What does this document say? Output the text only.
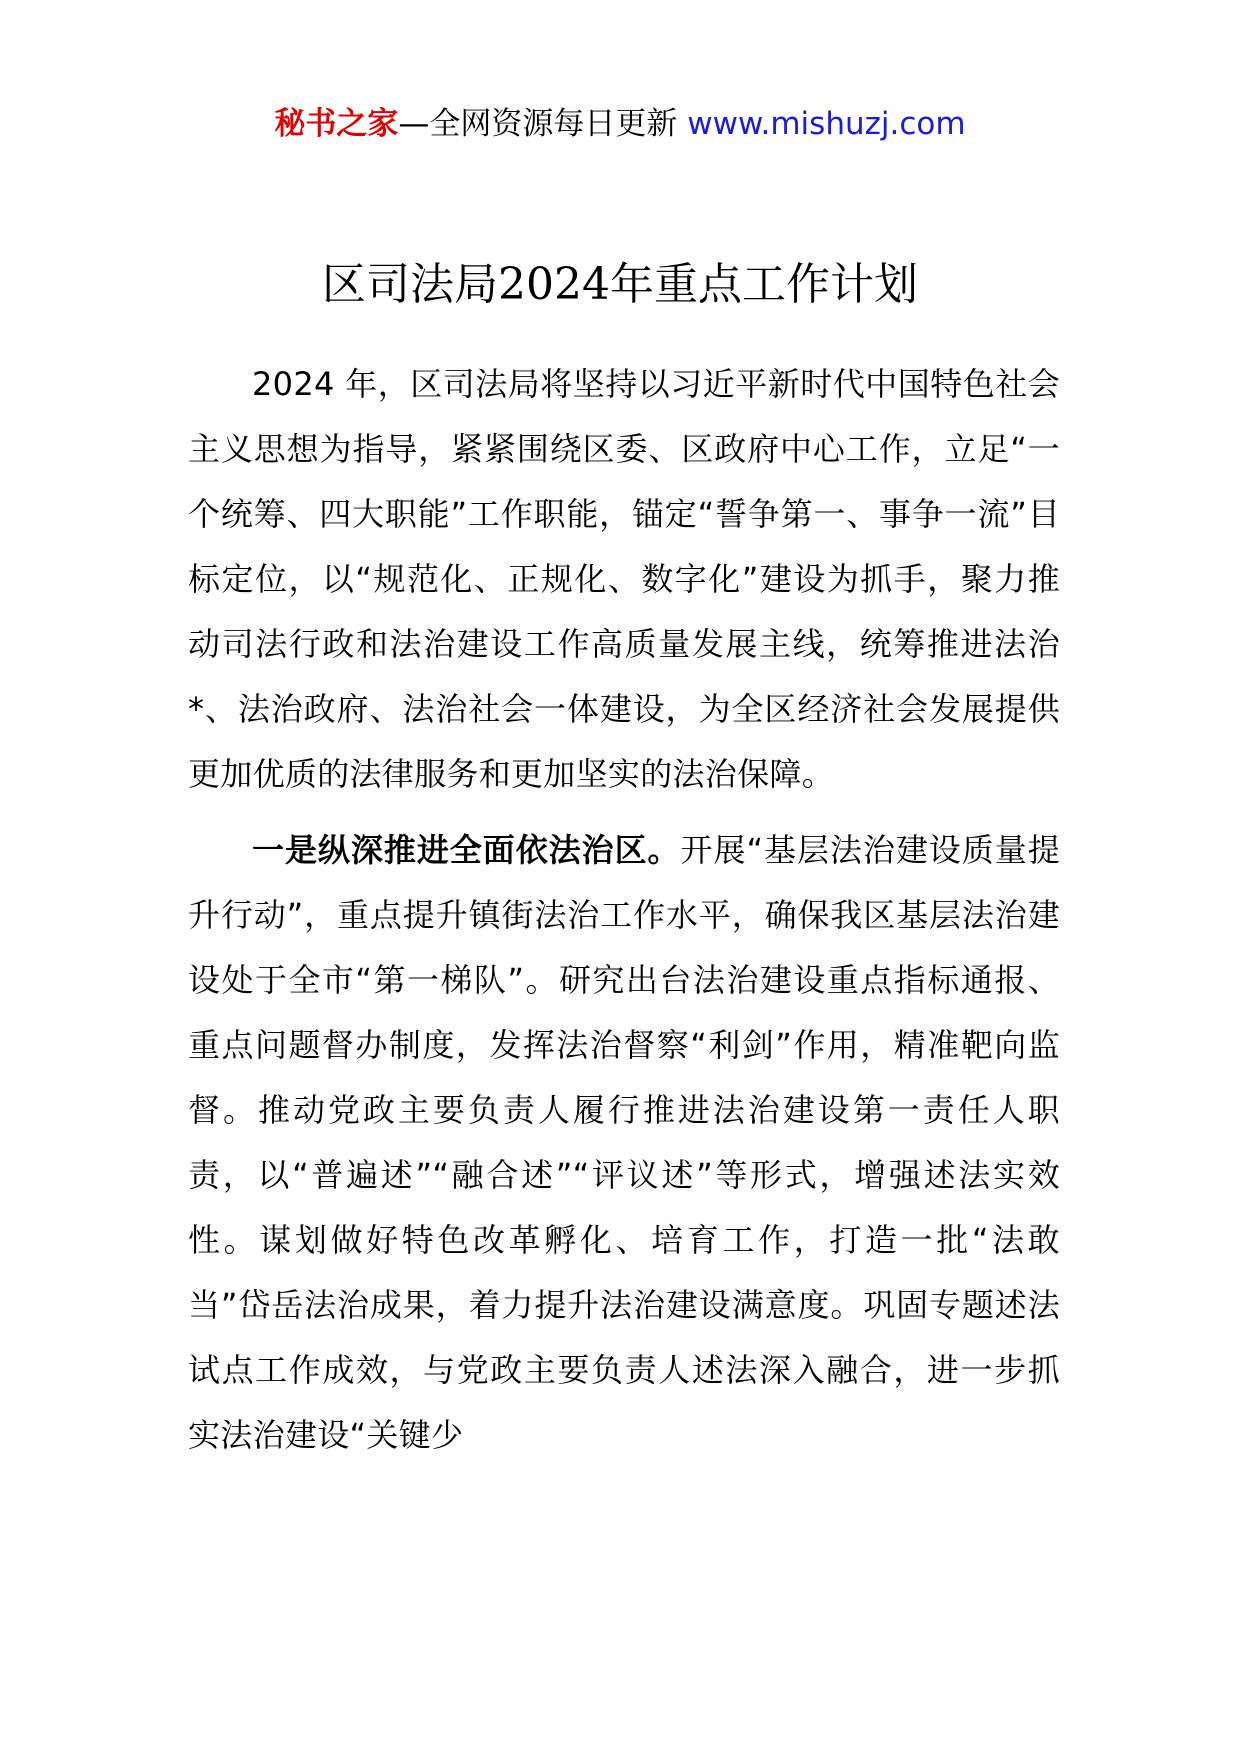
秘书之家—全网资源每日更新 www.mishuzj.com
区司法局2024年重点工作计划

2024 年，区司法局将坚持以习近平新时代中国特色社会主义思想为指导，紧紧围绕区委、区政府中心工作，立足“一个统筹、四大职能”工作职能，锚定“誓争第一、事争一流”目标定位，以“规范化、正规化、数字化”建设为抓手，聚力推动司法行政和法治建设工作高质量发展主线，统筹推进法治*、法治政府、法治社会一体建设，为全区经济社会发展提供更加优质的法律服务和更加坚实的法治保障。

一是纵深推进全面依法治区。开展“基层法治建设质量提升行动”，重点提升镇街法治工作水平，确保我区基层法治建设处于全市“第一梯队”。研究出台法治建设重点指标通报、重点问题督办制度，发挥法治督察“利剑”作用，精准靶向监督。推动党政主要负责人履行推进法治建设第一责任人职责，以“普遍述”“融合述”“评议述”等形式，增强述法实效性。谋划做好特色改革孵化、培育工作，打造一批“法敢当”岱岳法治成果，着力提升法治建设满意度。巩固专题述法试点工作成效，与党政主要负责人述法深入融合，进一步抓实法治建设“关键少
